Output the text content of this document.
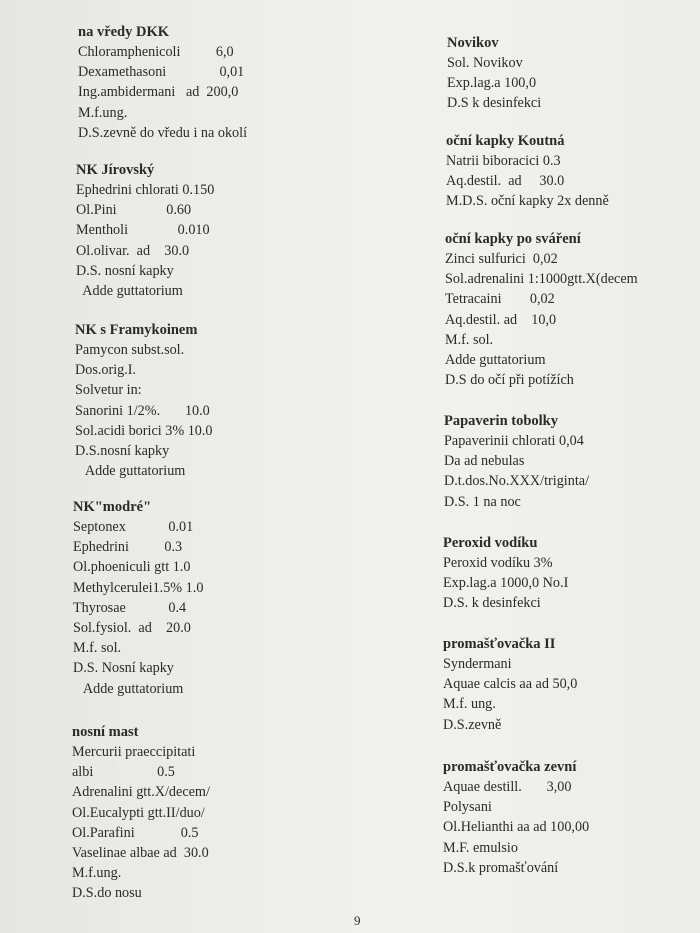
na vředy DKK
Chloramphenicoli          6,0
Dexamethasoni               0,01
Ing.ambidermani   ad  200,0
M.f.ung.
D.S.zevně do vředu i na okolí
NK Jírovský
Ephedrini chlorati 0.150
Ol.Pini              0.60
Mentholi              0.010
Ol.olivar.  ad    30.0
D.S. nosní kapky
Adde guttatorium
NK s Framykoinem
Pamycon subst.sol.
Dos.orig.I.
Solvetur in:
Sanorini 1/2%.       10.0
Sol.acidi borici 3% 10.0
D.S.nosní kapky
Adde guttatorium
NK"modré"
Septonex            0.01
Ephedrini          0.3
Ol.phoeniculi gtt 1.0
Methylcerulei1.5% 1.0
Thyrosae            0.4
Sol.fysiol.  ad    20.0
M.f. sol.
D.S. Nosní kapky
Adde guttatorium
nosní mast
Mercurii praeccipitati
albi                  0.5
Adrenalini gtt.X/decem/
Ol.Eucalypti gtt.II/duo/
Ol.Parafini             0.5
Vaselinae albae ad  30.0
M.f.ung.
D.S.do nosu
Novikov
Sol. Novikov
Exp.lag.a 100,0
D.S k desinfekci
oční kapky Koutná
Natrii biboracici 0.3
Aq.destil.  ad     30.0
M.D.S. oční kapky 2x denně
oční kapky po sváření
Zinci sulfurici  0,02
Sol.adrenalini 1:1000gtt.X(decem
Tetracaini        0,02
Aq.destil. ad    10,0
M.f. sol.
Adde guttatorium
D.S do očí při potížích
Papaverin tobolky
Papaverinii chlorati 0,04
Da ad nebulas
D.t.dos.No.XXX/triginta/
D.S. 1 na noc
Peroxid vodíku
Peroxid vodíku 3%
Exp.lag.a 1000,0 No.I
D.S. k desinfekci
promašťovačka II
Syndermani
Aquae calcis aa ad 50,0
M.f. ung.
D.S.zevně
promašťovačka zevní
Aquae destill.       3,00
Polysani
Ol.Helianthi aa ad 100,00
M.F. emulsio
D.S.k promašťování
9
